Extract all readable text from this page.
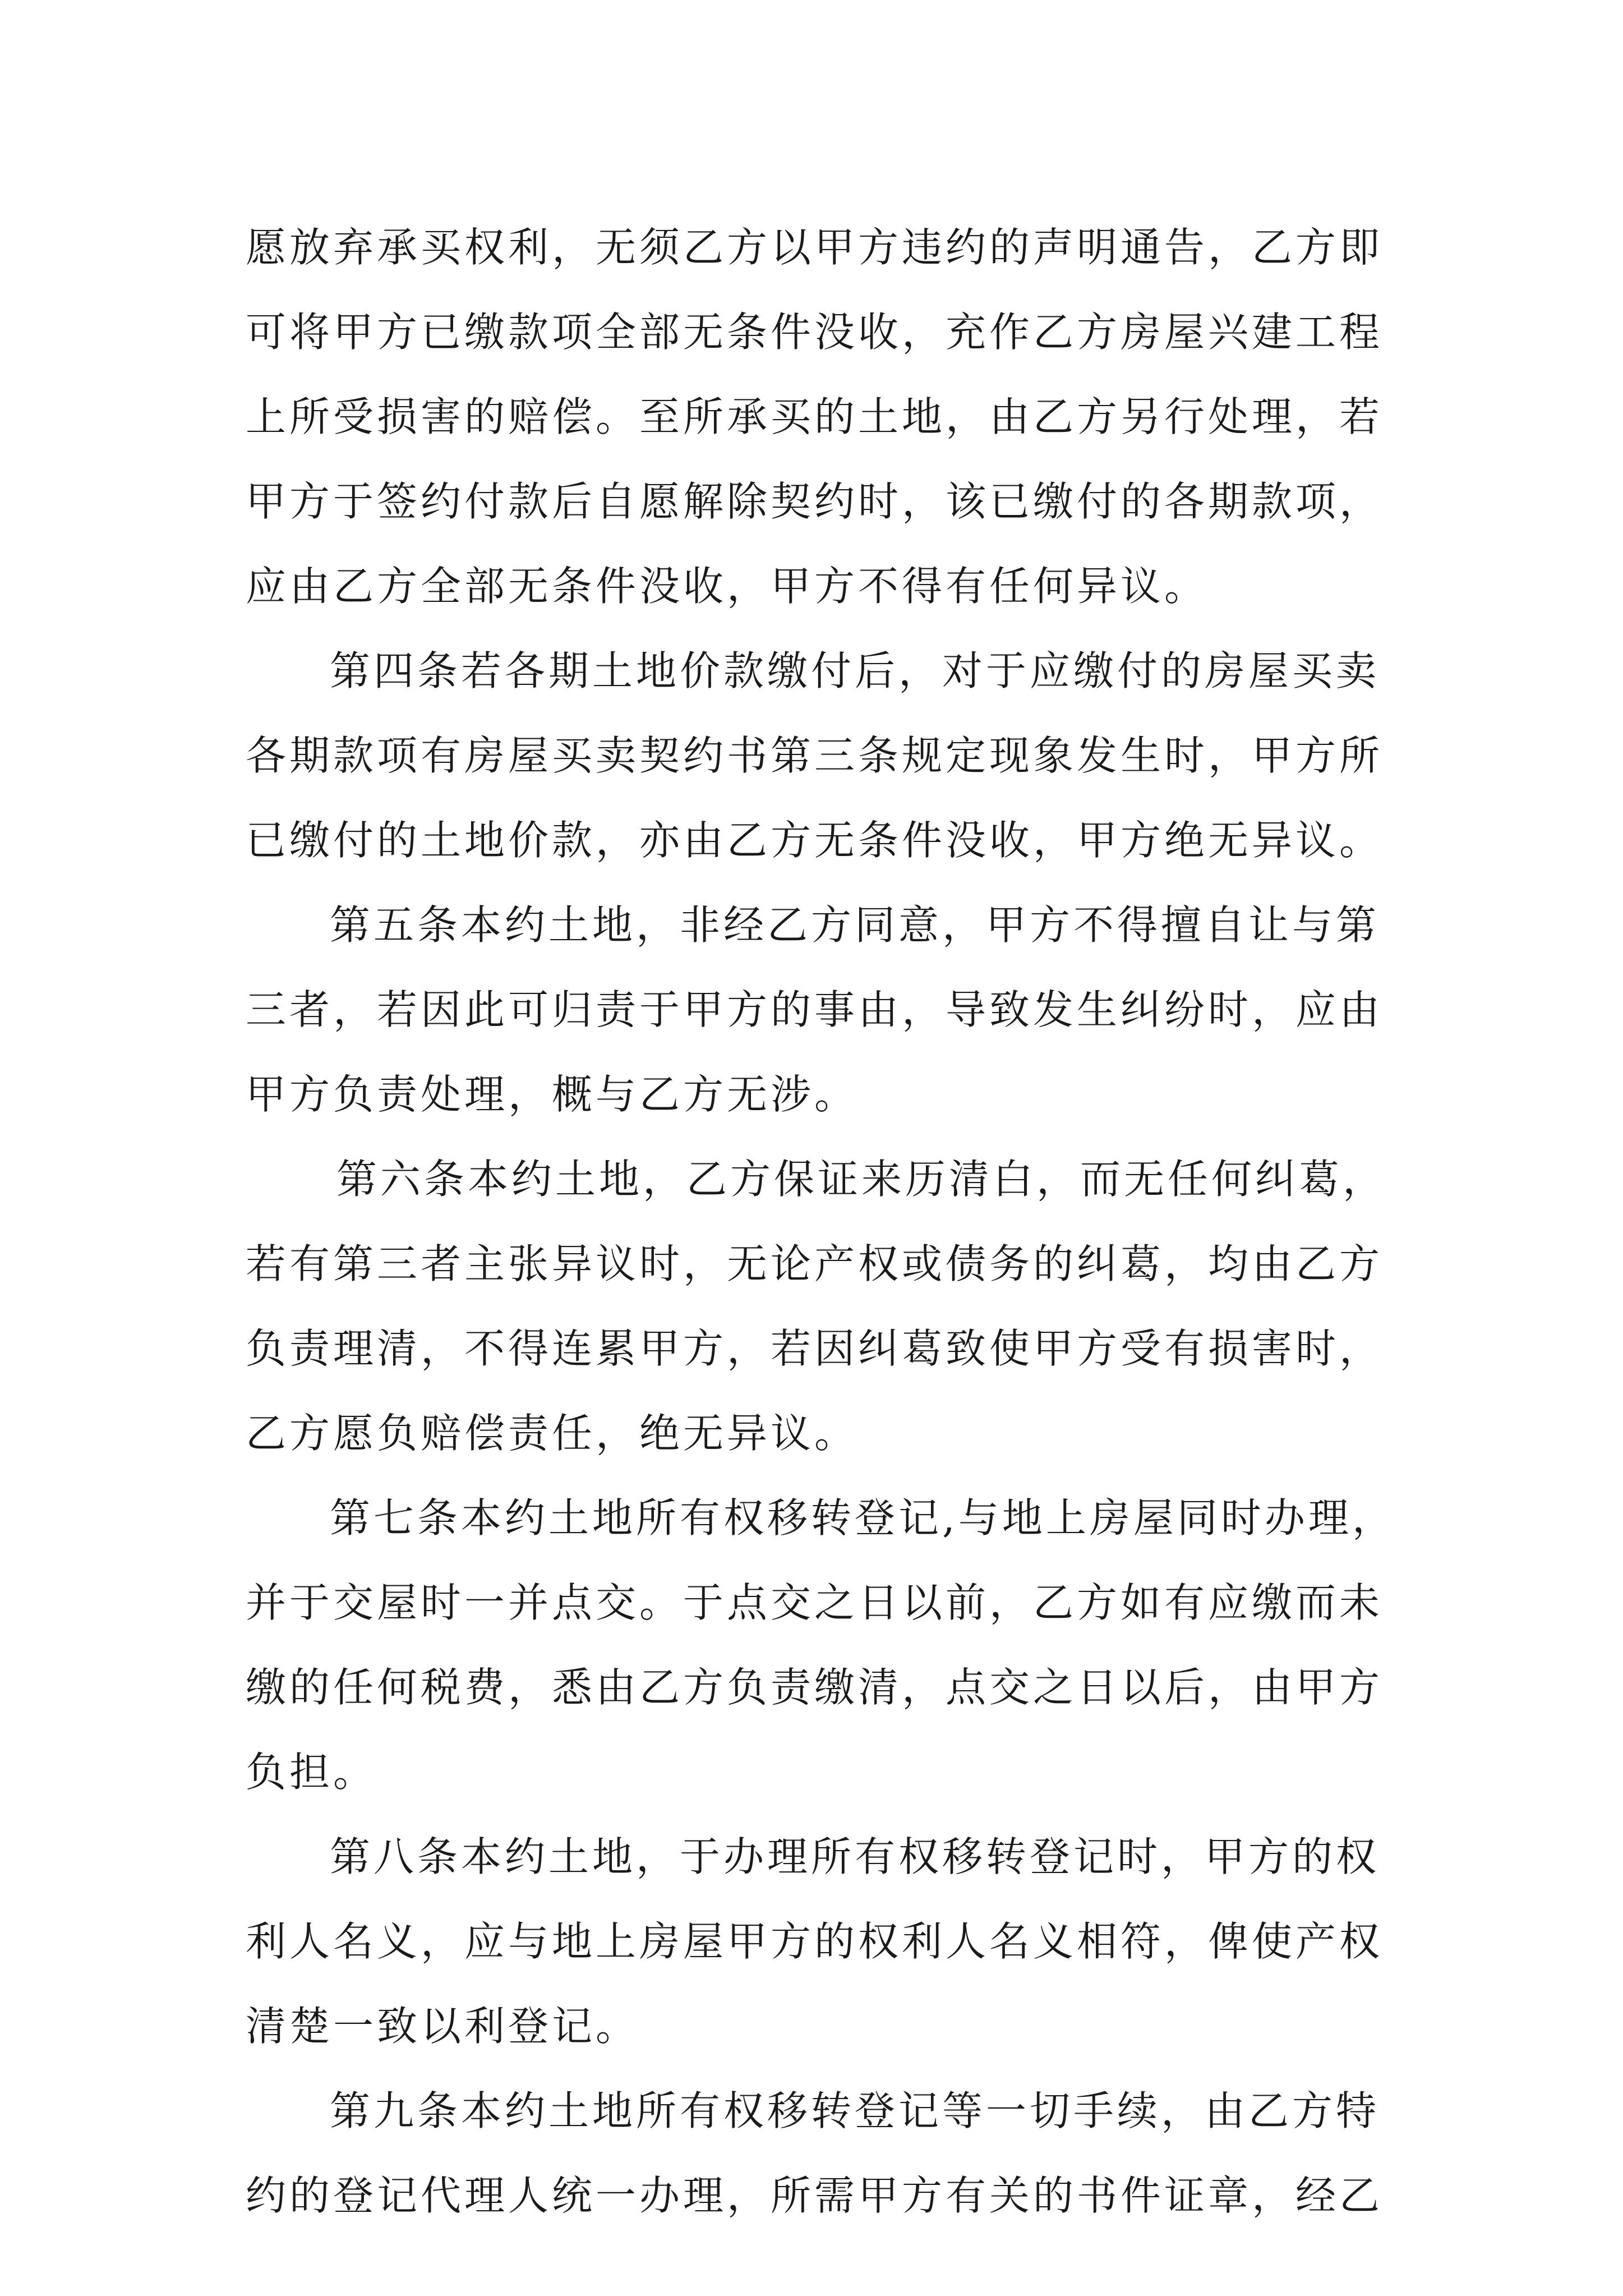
愿放弃承买权利，无须乙方以甲方违约的声明通告，乙方即

可将甲方已缴款项全部无条件没收，充作乙方房屋兴建工程

上所受损害的赔偿。至所承买的土地，由乙方另行处理，若

甲方于签约付款后自愿解除契约时，该已缴付的各期款项，

应由乙方全部无条件没收，甲方不得有任何异议。

第四条若各期土地价款缴付后，对于应缴付的房屋买卖

各期款项有房屋买卖契约书第三条规定现象发生时，甲方所

已缴付的土地价款，亦由乙方无条件没收，甲方绝无异议。

第五条本约土地，非经乙方同意，甲方不得擅自让与第

三者，若因此可归责于甲方的事由，导致发生纠纷时，应由

甲方负责处理，概与乙方无涉。

第六条本约土地，乙方保证来历清白，而无任何纠葛，

若有第三者主张异议时，无论产权或债务的纠葛，均由乙方

负责理清，不得连累甲方，若因纠葛致使甲方受有损害时，

乙方愿负赔偿责任，绝无异议。

第七条本约土地所有权移转登记,与地上房屋同时办理，

并于交屋时一并点交。于点交之日以前，乙方如有应缴而未

缴的任何税费，悉由乙方负责缴清，点交之日以后，由甲方

负担。

第八条本约土地，于办理所有权移转登记时，甲方的权

利人名义，应与地上房屋甲方的权利人名义相符，俾使产权

清楚一致以利登记。

第九条本约土地所有权移转登记等一切手续，由乙方特

约的登记代理人统一办理，所需甲方有关的书件证章，经乙
